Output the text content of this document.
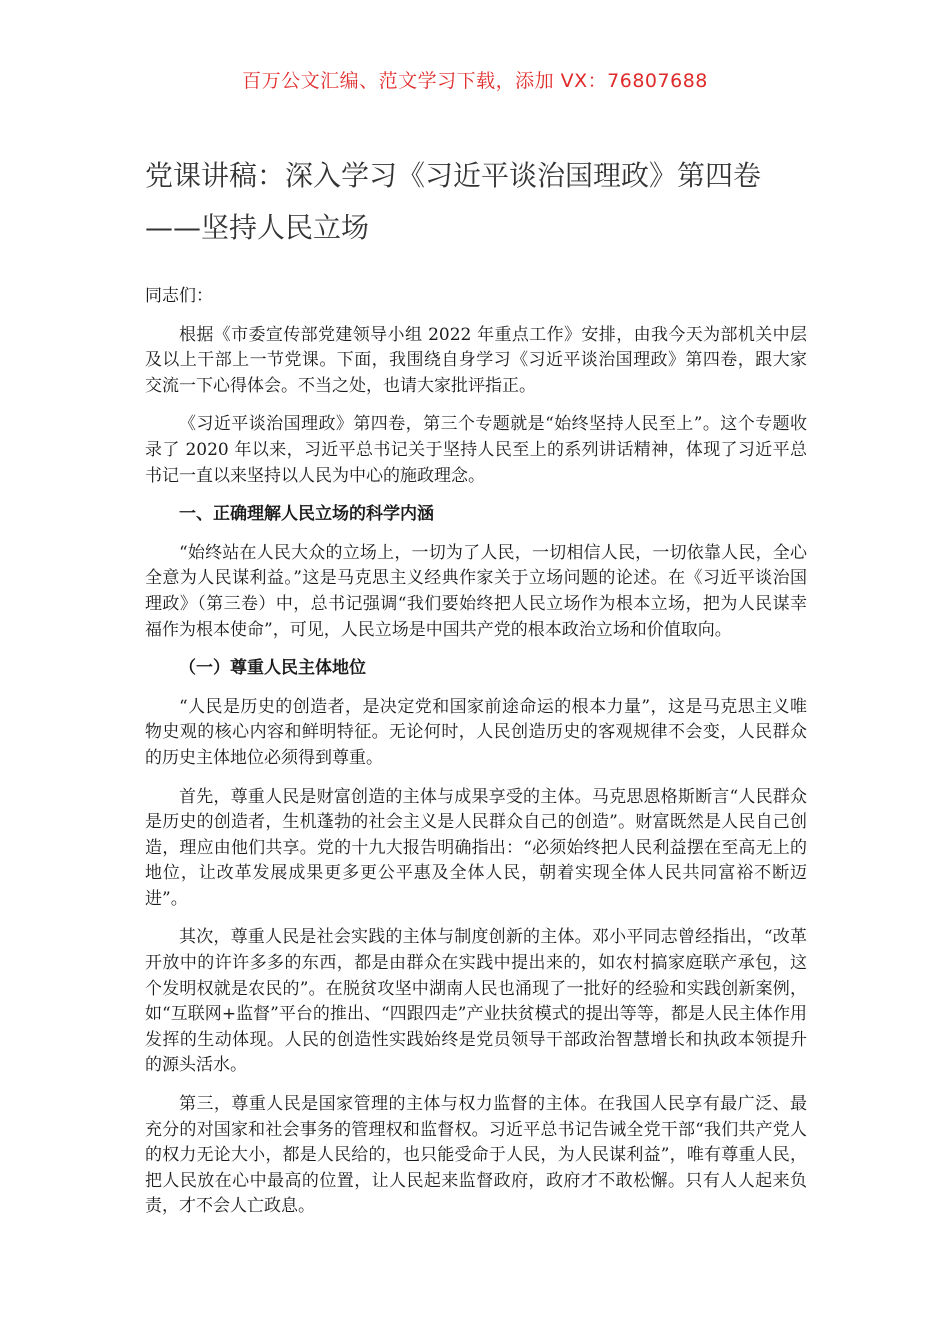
百万公文汇编、范文学习下载，添加 VX：76807688
党课讲稿：深入学习《习近平谈治国理政》第四卷
——坚持人民立场

同志们：

根据《市委宣传部党建领导小组 2022 年重点工作》安排，由我今天为部机关中层及以上干部上一节党课。下面，我围绕自身学习《习近平谈治国理政》第四卷，跟大家交流一下心得体会。不当之处，也请大家批评指正。

《习近平谈治国理政》第四卷，第三个专题就是“始终坚持人民至上”。这个专题收录了 2020 年以来，习近平总书记关于坚持人民至上的系列讲话精神，体现了习近平总书记一直以来坚持以人民为中心的施政理念。

一、正确理解人民立场的科学内涵

“始终站在人民大众的立场上，一切为了人民，一切相信人民，一切依靠人民，全心全意为人民谋利益。”这是马克思主义经典作家关于立场问题的论述。在《习近平谈治国理政》（第三卷）中，总书记强调“我们要始终把人民立场作为根本立场，把为人民谋幸福作为根本使命”，可见，人民立场是中国共产党的根本政治立场和价值取向。

（一）尊重人民主体地位

“人民是历史的创造者，是决定党和国家前途命运的根本力量”，这是马克思主义唯物史观的核心内容和鲜明特征。无论何时，人民创造历史的客观规律不会变，人民群众的历史主体地位必须得到尊重。

首先，尊重人民是财富创造的主体与成果享受的主体。马克思恩格斯断言“人民群众是历史的创造者，生机蓬勃的社会主义是人民群众自己的创造”。财富既然是人民自己创造，理应由他们共享。党的十九大报告明确指出：“必须始终把人民利益摆在至高无上的地位，让改革发展成果更多更公平惠及全体人民，朝着实现全体人民共同富裕不断迈进”。

其次，尊重人民是社会实践的主体与制度创新的主体。邓小平同志曾经指出，“改革开放中的许许多多的东西，都是由群众在实践中提出来的，如农村搞家庭联产承包，这个发明权就是农民的”。在脱贫攻坚中湖南人民也涌现了一批好的经验和实践创新案例，如“互联网+监督”平台的推出、“四跟四走”产业扶贫模式的提出等等，都是人民主体作用发挥的生动体现。人民的创造性实践始终是党员领导干部政治智慧增长和执政本领提升的源头活水。

第三，尊重人民是国家管理的主体与权力监督的主体。在我国人民享有最广泛、最充分的对国家和社会事务的管理权和监督权。习近平总书记告诫全党干部“我们共产党人的权力无论大小，都是人民给的，也只能受命于人民，为人民谋利益”，唯有尊重人民，把人民放在心中最高的位置，让人民起来监督政府，政府才不敢松懈。只有人人起来负责，才不会人亡政息。
